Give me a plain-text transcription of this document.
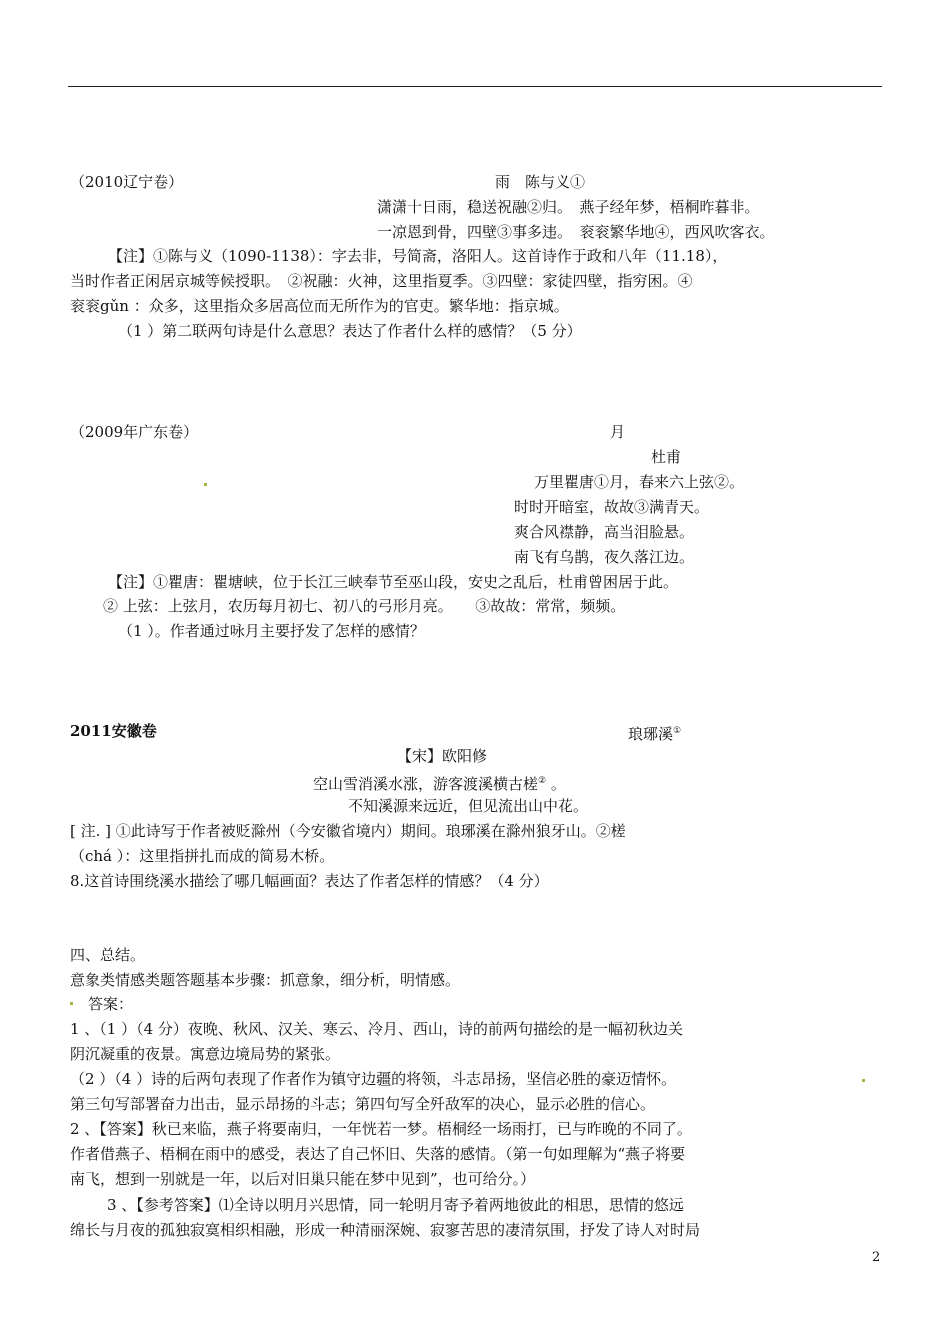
（2010辽宁卷）	雨　陈与义①
潇潇十日雨，稳送祝融②归。　燕子经年梦，梧桐昨暮非。
一凉恩到骨，四壁③事多违。　衮衮繁华地④，西风吹客衣。
【注】①陈与义（1090-1138）：字去非，号简斋，洛阳人。这首诗作于政和八年（11.18），
当时作者正闲居京城等候授职。　②祝融：火神，这里指夏季。③四壁：家徒四壁，指穷困。④
衮衮gǔn ：众多，这里指众多居高位而无所作为的官吏。繁华地：指京城。
（1 ）第二联两句诗是什么意思？表达了作者什么样的感情？（5 分）
（2009年广东卷）	月
杜甫
万里瞿唐①月，春来六上弦②。
时时开暗室，故故③满青天。
爽合风襟静，高当泪脸悬。
南飞有乌鹊，夜久落江边。
【注】①瞿唐：瞿塘峡，位于长江三峡奉节至巫山段，安史之乱后，杜甫曾困居于此。
② 上弦：上弦月，农历每月初七、初八的弓形月亮。　　③故故：常常，频频。
（1 ）。作者通过咏月主要抒发了怎样的感情？
2011安徽卷	琅琊溪①
【宋】欧阳修
空山雪消溪水涨，游客渡溪横古槎② 。
不知溪源来远近，但见流出山中花。
[ 注. ] ①此诗写于作者被贬滁州（今安徽省境内）期间。琅琊溪在滁州狼牙山。②槎
（chá ）：这里指拼扎而成的简易木桥。
8.这首诗围绕溪水描绘了哪几幅画面？表达了作者怎样的情感？（4 分）
四、总结。
意象类情感类题答题基本步骤：抓意象，细分析，明情感。
答案：
1 、（1 ）（4 分）夜晚、秋风、汉关、寒云、冷月、西山，诗的前两句描绘的是一幅初秋边关
阴沉凝重的夜景。寓意边境局势的紧张。
（2 ）（4 ）诗的后两句表现了作者作为镇守边疆的将领，斗志昂扬，坚信必胜的豪迈情怀。
第三句写部署奋力出击，显示昂扬的斗志；第四句写全歼敌军的决心，显示必胜的信心。
2 、【答案】秋已来临，燕子将要南归，一年恍若一梦。梧桐经一场雨打，已与昨晚的不同了。
作者借燕子、梧桐在雨中的感受，表达了自己怀旧、失落的感情。（第一句如理解为“燕子将要
南飞，想到一别就是一年，以后对旧巢只能在梦中见到”，也可给分。）
3 、【参考答案】⑴全诗以明月兴思情，同一轮明月寄予着两地彼此的相思，思情的悠远
绵长与月夜的孤独寂寞相织相融，形成一种清丽深婉、寂寥苦思的凄清氛围，抒发了诗人对时局
2
